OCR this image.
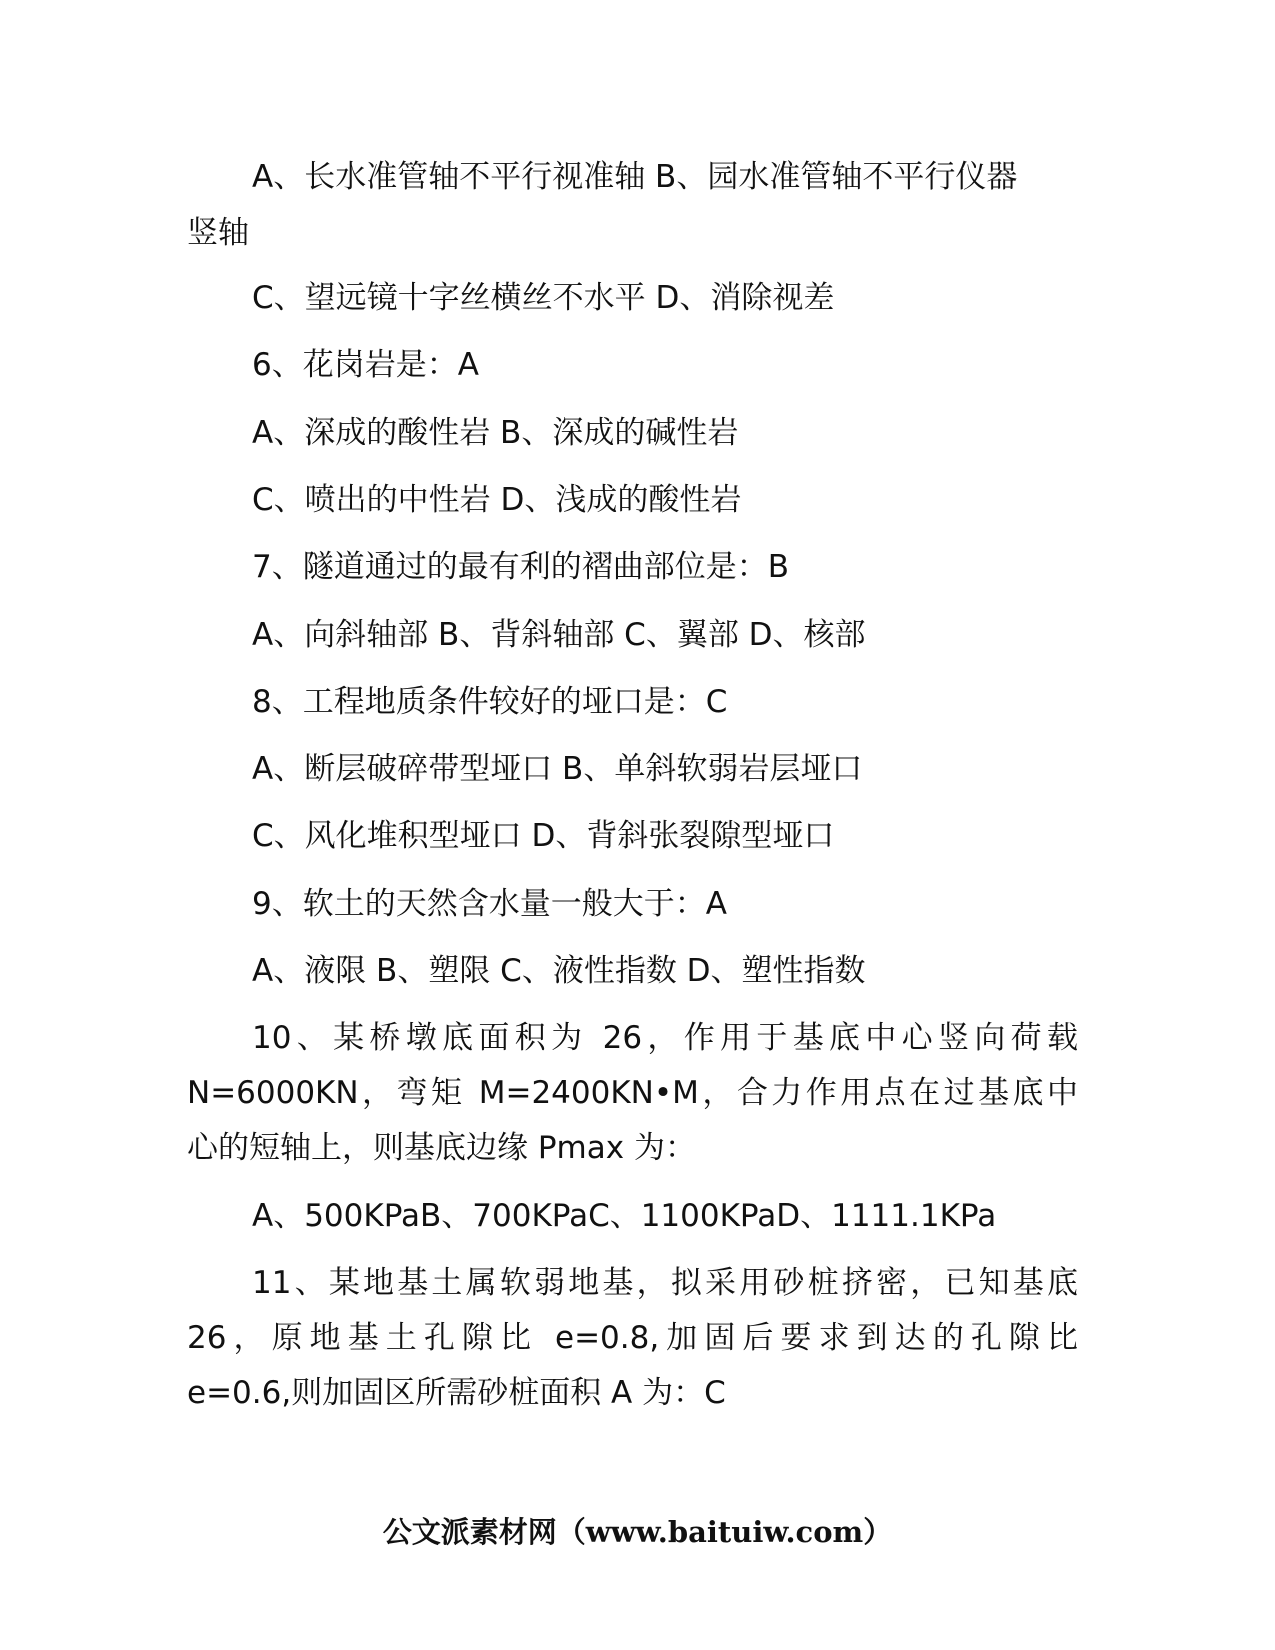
A、长水准管轴不平行视准轴 B、园水准管轴不平行仪器
竖轴
C、望远镜十字丝横丝不水平 D、消除视差
6、花岗岩是：A
A、深成的酸性岩 B、深成的碱性岩
C、喷出的中性岩 D、浅成的酸性岩
7、隧道通过的最有利的褶曲部位是：B
A、向斜轴部 B、背斜轴部 C、翼部 D、核部
8、工程地质条件较好的垭口是：C
A、断层破碎带型垭口 B、单斜软弱岩层垭口
C、风化堆积型垭口 D、背斜张裂隙型垭口
9、软土的天然含水量一般大于：A
A、液限 B、塑限 C、液性指数 D、塑性指数
10、某桥墩底面积为 26，作用于基底中心竖向荷载
N=6000KN，弯矩 M=2400KN•M，合力作用点在过基底中
心的短轴上，则基底边缘 Pmax 为：
A、500KPaB、700KPaC、1100KPaD、1111.1KPa
11、某地基土属软弱地基，拟采用砂桩挤密，已知基底
26，原地基土孔隙比 e=0.8,加固后要求到达的孔隙比
e=0.6,则加固区所需砂桩面积 A 为：C
公文派素材网（www.baituiw.com）
